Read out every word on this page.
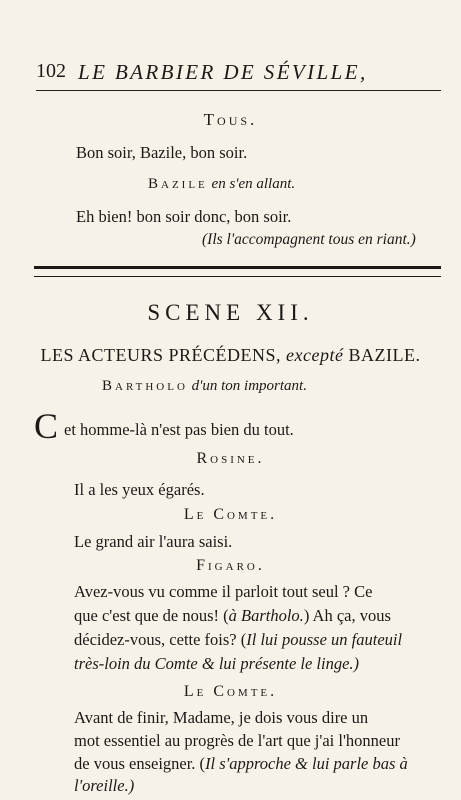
102 LE BARBIER DE SÉVILLE,
Tous.
Bon soir, Bazile, bon soir.
Bazile en s'en allant.
Eh bien! bon soir donc, bon soir.
(Ils l'accompagnent tous en riant.)
SCENE XII.
LES ACTEURS PRÉCÉDENS, excepté BAZILE.
Bartholo d'un ton important.
C et homme-là n'est pas bien du tout.
Rosine.
Il a les yeux égarés.
Le Comte.
Le grand air l'aura saisi.
Figaro.
Avez-vous vu comme il parloit tout seul ? Ce
que c'est que de nous! (à Bartholo.) Ah ça, vous
décidez-vous, cette fois? (Il lui pousse un fauteuil
très-loin du Comte & lui présente le linge.)
Le Comte.
Avant de finir, Madame, je dois vous dire un
mot essentiel au progrès de l'art que j'ai l'honneur
de vous enseigner. (Il s'approche & lui parle bas à
l'oreille.)
